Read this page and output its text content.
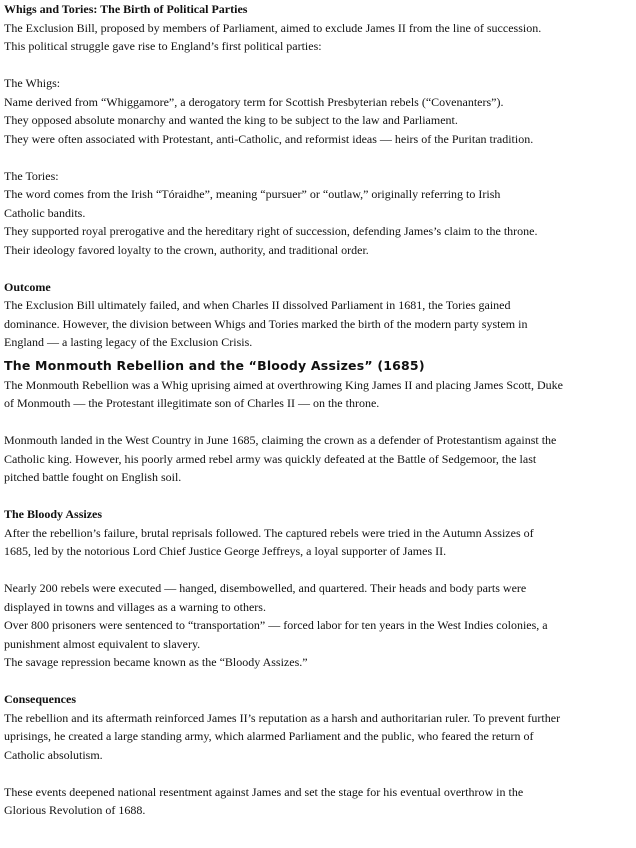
Whigs and Tories: The Birth of Political Parties

The Exclusion Bill, proposed by members of Parliament, aimed to exclude James II from the line of succession.

This political struggle gave rise to England’s first political parties:

The Whigs:

Name derived from “Whiggamore”, a derogatory term for Scottish Presbyterian rebels (“Covenanters”).

They opposed absolute monarchy and wanted the king to be subject to the law and Parliament.

They were often associated with Protestant, anti-Catholic, and reformist ideas — heirs of the Puritan tradition.

The Tories:

The word comes from the Irish “Tóraidhe”, meaning “pursuer” or “outlaw,” originally referring to Irish

Catholic bandits.

They supported royal prerogative and the hereditary right of succession, defending James’s claim to the throne.

Their ideology favored loyalty to the crown, authority, and traditional order.

Outcome

The Exclusion Bill ultimately failed, and when Charles II dissolved Parliament in 1681, the Tories gained

dominance. However, the division between Whigs and Tories marked the birth of the modern party system in

England — a lasting legacy of the Exclusion Crisis.

The Monmouth Rebellion and the “Bloody Assizes” (1685)

The Monmouth Rebellion was a Whig uprising aimed at overthrowing King James II and placing James Scott, Duke

of Monmouth — the Protestant illegitimate son of Charles II — on the throne.

Monmouth landed in the West Country in June 1685, claiming the crown as a defender of Protestantism against the

Catholic king. However, his poorly armed rebel army was quickly defeated at the Battle of Sedgemoor, the last

pitched battle fought on English soil.

The Bloody Assizes

After the rebellion’s failure, brutal reprisals followed. The captured rebels were tried in the Autumn Assizes of

1685, led by the notorious Lord Chief Justice George Jeffreys, a loyal supporter of James II.

Nearly 200 rebels were executed — hanged, disembowelled, and quartered. Their heads and body parts were

displayed in towns and villages as a warning to others.

Over 800 prisoners were sentenced to “transportation” — forced labor for ten years in the West Indies colonies, a

punishment almost equivalent to slavery.

The savage repression became known as the “Bloody Assizes.”

Consequences

The rebellion and its aftermath reinforced James II’s reputation as a harsh and authoritarian ruler. To prevent further

uprisings, he created a large standing army, which alarmed Parliament and the public, who feared the return of

Catholic absolutism.

These events deepened national resentment against James and set the stage for his eventual overthrow in the

Glorious Revolution of 1688.
